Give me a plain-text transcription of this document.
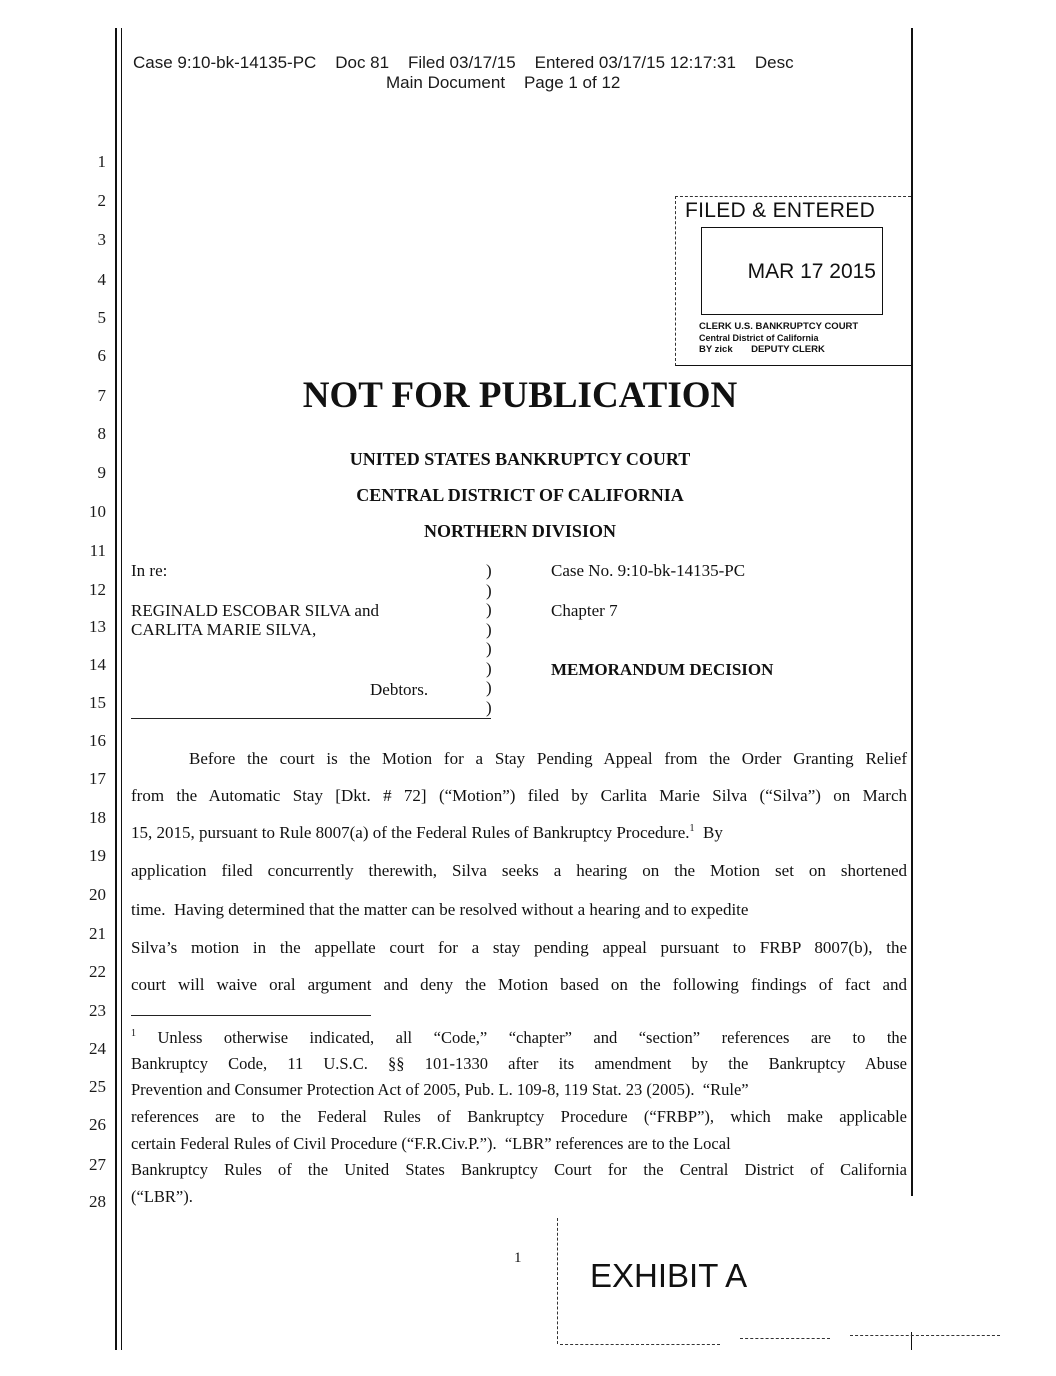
Case 9:10-bk-14135-PC    Doc 81    Filed 03/17/15    Entered 03/17/15 12:17:31    Desc
Main Document    Page 1 of 12
1
2
3
4
5
6
7
8
9
10
11
12
13
14
15
16
17
18
19
20
21
22
23
24
25
26
27
28
FILED & ENTERED
MAR 17 2015
CLERK U.S. BANKRUPTCY COURT
Central District of California
BY zick       DEPUTY CLERK
NOT FOR PUBLICATION
UNITED STATES BANKRUPTCY COURT
CENTRAL DISTRICT OF CALIFORNIA
NORTHERN DIVISION
In re:
REGINALD ESCOBAR SILVA and
CARLITA MARIE SILVA,
Debtors.
)
)
)
)
)
)
)
)
Case No. 9:10-bk-14135-PC
Chapter 7
MEMORANDUM DECISION
Before the court is the Motion for a Stay Pending Appeal from the Order Granting Relief
from the Automatic Stay [Dkt. # 72] (“Motion”) filed by Carlita Marie Silva (“Silva”) on March
15, 2015, pursuant to Rule 8007(a) of the Federal Rules of Bankruptcy Procedure.$^1$  By
application filed concurrently therewith, Silva seeks a hearing on the Motion set on shortened
time.  Having determined that the matter can be resolved without a hearing and to expedite
Silva’s motion in the appellate court for a stay pending appeal pursuant to FRBP 8007(b), the
court will waive oral argument and deny the Motion based on the following findings of fact and
$^1$ Unless otherwise indicated, all “Code,” “chapter” and “section” references are to the
Bankruptcy Code, 11 U.S.C. §§ 101-1330 after its amendment by the Bankruptcy Abuse
Prevention and Consumer Protection Act of 2005, Pub. L. 109-8, 119 Stat. 23 (2005).  “Rule”
references are to the Federal Rules of Bankruptcy Procedure (“FRBP”), which make applicable
certain Federal Rules of Civil Procedure (“F.R.Civ.P.”).  “LBR” references are to the Local
Bankruptcy Rules of the United States Bankruptcy Court for the Central District of California
(“LBR”).
1 EXHIBIT A
